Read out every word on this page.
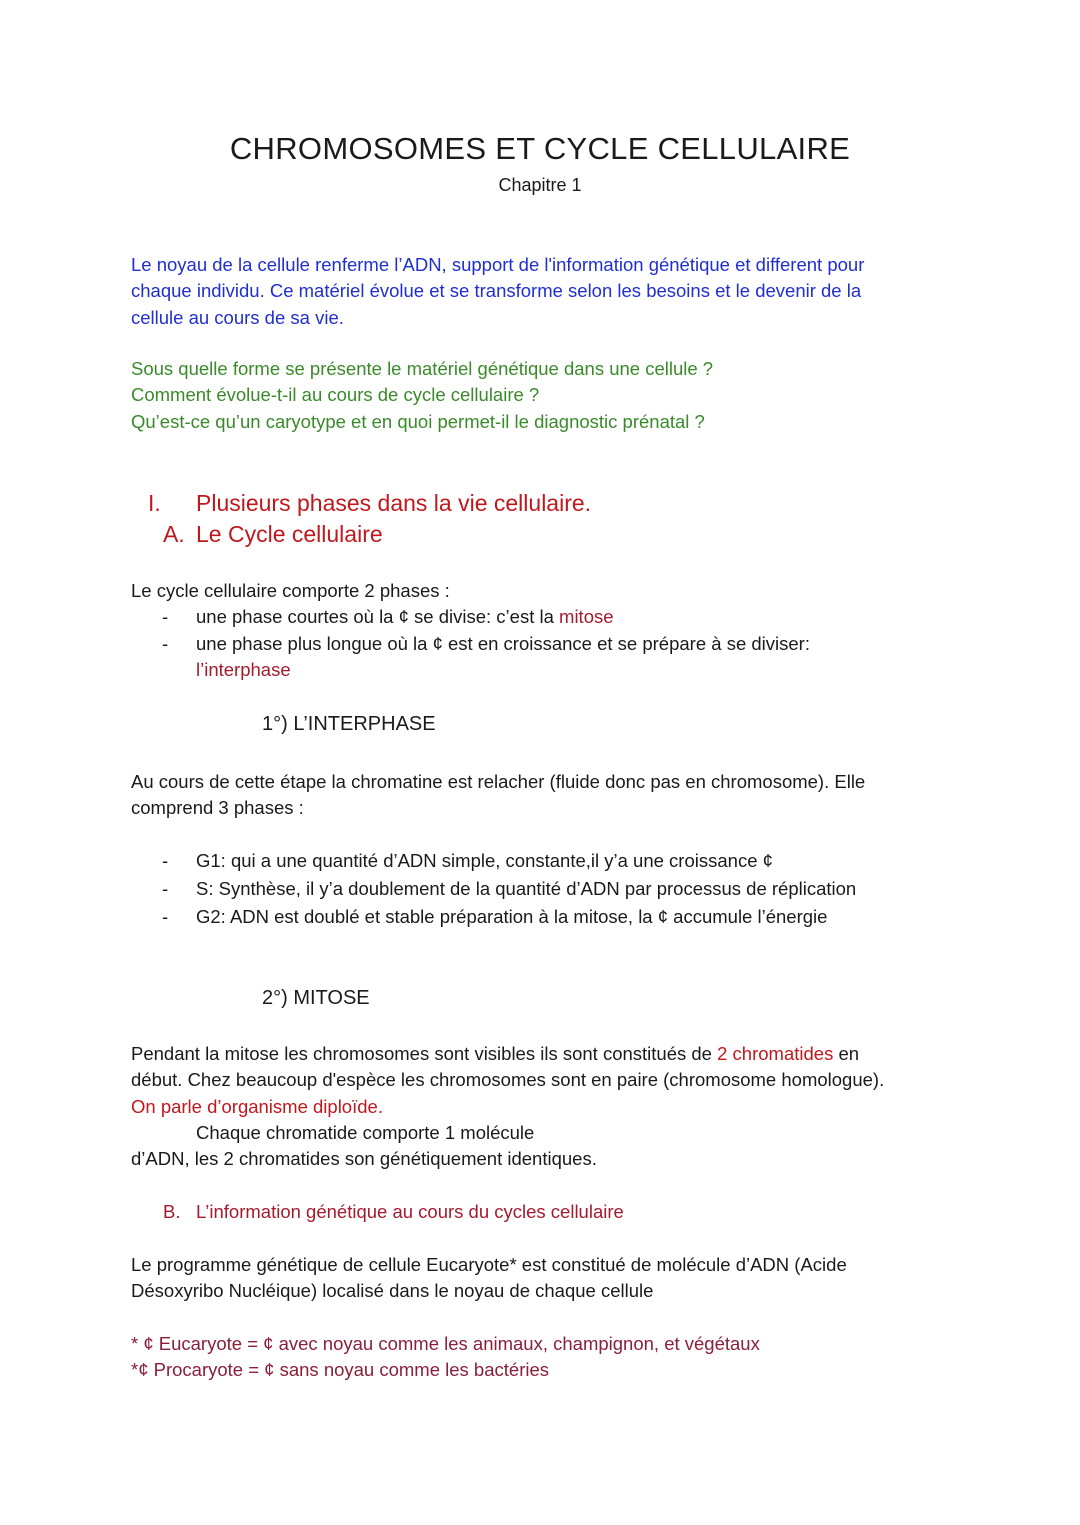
CHROMOSOMES ET CYCLE CELLULAIRE
Chapitre 1
Le noyau de la cellule renferme l’ADN, support de l'information génétique et different pour
chaque individu. Ce matériel évolue et se transforme selon les besoins et le devenir de la
cellule au cours de sa vie.
Sous quelle forme se présente le matériel génétique dans une cellule ?
Comment évolue-t-il au cours de cycle cellulaire ?
Qu’est-ce qu’un caryotype et en quoi permet-il le diagnostic prénatal ?
I. Plusieurs phases dans la vie cellulaire.
A. Le Cycle cellulaire
Le cycle cellulaire comporte 2 phases :
- une phase courtes où la ¢ se divise: c’est la mitose
- une phase plus longue où la ¢ est en croissance et se prépare à se diviser:
l’interphase
1°) L’INTERPHASE
Au cours de cette étape la chromatine est relacher (fluide donc pas en chromosome). Elle
comprend 3 phases :
- G1: qui a une quantité d’ADN simple, constante,il y’a une croissance ¢
- S: Synthèse, il y’a doublement de la quantité d’ADN par processus de réplication
- G2: ADN est doublé et stable préparation à la mitose, la ¢ accumule l’énergie
2°) MITOSE
Pendant la mitose les chromosomes sont visibles ils sont constitués de 2 chromatides en
début. Chez beaucoup d'espèce les chromosomes sont en paire (chromosome homologue).
On parle d’organisme diploïde.
Chaque chromatide comporte 1 molécule
d’ADN, les 2 chromatides son génétiquement identiques.
B. L’information génétique au cours du cycles cellulaire
Le programme génétique de cellule Eucaryote* est constitué de molécule d’ADN (Acide
Désoxyribo Nucléique) localisé dans le noyau de chaque cellule
* ¢ Eucaryote = ¢ avec noyau comme les animaux, champignon, et végétaux
*¢ Procaryote = ¢ sans noyau comme les bactéries
